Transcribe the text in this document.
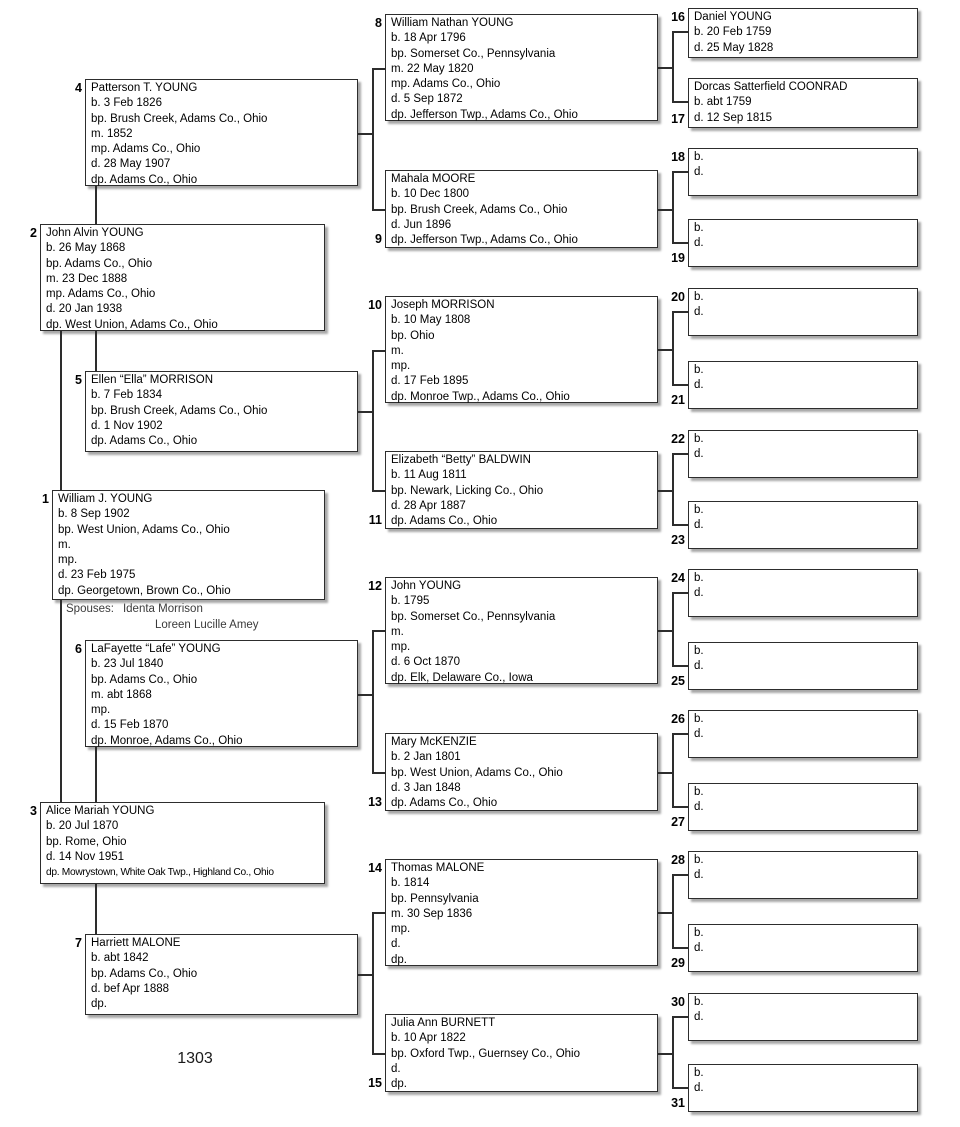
Spouses: Identa Morrison
Loreen Lucille Amey
1303
1 William J. YOUNG
b. 8 Sep 1902
bp. West Union, Adams Co., Ohio
m.
mp.
d. 23 Feb 1975
dp. Georgetown, Brown Co., Ohio
2 John Alvin YOUNG
b. 26 May 1868
bp. Adams Co., Ohio
m. 23 Dec 1888
mp. Adams Co., Ohio
d. 20 Jan 1938
dp. West Union, Adams Co., Ohio
3 Alice Mariah YOUNG
b. 20 Jul 1870
bp. Rome, Ohio
d. 14 Nov 1951
dp. Mowrystown, White Oak Twp., Highland Co., Ohio
4 Patterson T. YOUNG
b. 3 Feb 1826
bp. Brush Creek, Adams Co., Ohio
m. 1852
mp. Adams Co., Ohio
d. 28 May 1907
dp. Adams Co., Ohio
5 Ellen “Ella” MORRISON
b. 7 Feb 1834
bp. Brush Creek, Adams Co., Ohio
d. 1 Nov 1902
dp. Adams Co., Ohio
6 LaFayette “Lafe” YOUNG
b. 23 Jul 1840
bp. Adams Co., Ohio
m. abt 1868
mp.
d. 15 Feb 1870
dp. Monroe, Adams Co., Ohio
7 Harriett MALONE
b. abt 1842
bp. Adams Co., Ohio
d. bef Apr 1888
dp.
8 William Nathan YOUNG
b. 18 Apr 1796
bp. Somerset Co., Pennsylvania
m. 22 May 1820
mp. Adams Co., Ohio
d. 5 Sep 1872
dp. Jefferson Twp., Adams Co., Ohio
9
Mahala MOORE
b. 10 Dec 1800
bp. Brush Creek, Adams Co., Ohio
d. Jun 1896
dp. Jefferson Twp., Adams Co., Ohio
10 Joseph MORRISON
b. 10 May 1808
bp. Ohio
m.
mp.
d. 17 Feb 1895
dp. Monroe Twp., Adams Co., Ohio
11
Elizabeth “Betty” BALDWIN
b. 11 Aug 1811
bp. Newark, Licking Co., Ohio
d. 28 Apr 1887
dp. Adams Co., Ohio
12 John YOUNG
b. 1795
bp. Somerset Co., Pennsylvania
m.
mp.
d. 6 Oct 1870
dp. Elk, Delaware Co., Iowa
13
Mary McKENZIE
b. 2 Jan 1801
bp. West Union, Adams Co., Ohio
d. 3 Jan 1848
dp. Adams Co., Ohio
14 Thomas MALONE
b. 1814
bp. Pennsylvania
m. 30 Sep 1836
mp.
d.
dp.
15
Julia Ann BURNETT
b. 10 Apr 1822
bp. Oxford Twp., Guernsey Co., Ohio
d.
dp.
16 Daniel YOUNG
b. 20 Feb 1759
d. 25 May 1828
17
Dorcas Satterfield COONRAD
b. abt 1759
d. 12 Sep 1815
18 b.
d.
19
b.
d.
20 b.
d.
21
b.
d.
22 b.
d.
23
b.
d.
24 b.
d.
25
b.
d.
26 b.
d.
27
b.
d.
28 b.
d.
29
b.
d.
30 b.
d.
31
b.
d.
